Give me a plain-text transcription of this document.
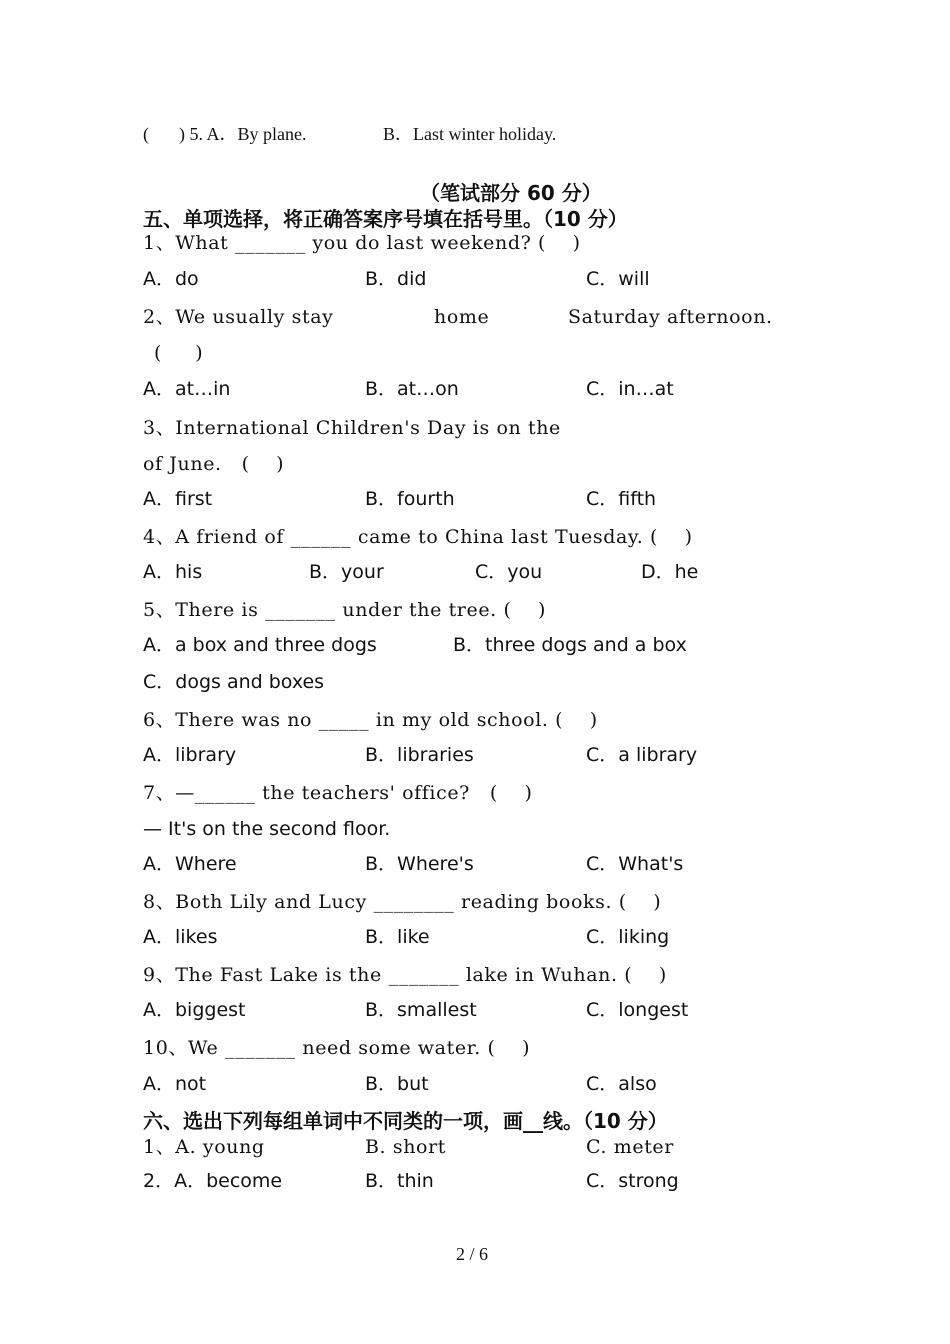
( ) 5. A．By plane.	B．Last winter holiday.
（笔试部分 60 分）
五、单项选择，将正确答案序号填在括号里。（10 分）
1、What _______ you do last weekend? (    )
A．do	B．did	C．will
2、We usually stay	home	Saturday afternoon.
(     )
A．at…in	B．at…on	C．in…at
3、International Children's Day is on the
of June.   (    )
A．first	B．fourth	C．fifth
4、A friend of ______ came to China last Tuesday. (    )
A．his	B．your	C．you	D．he
5、There is _______ under the tree. (    )
A．a box and three dogs	B．three dogs and a box
C．dogs and boxes
6、There was no _____ in my old school. (    )
A．library	B．libraries	C．a library
7、—______ the teachers' office?   (    )
— It's on the second floor.
A．Where	B．Where's	C．What's
8、Both Lily and Lucy ________ reading books. (    )
A．likes	B．like	C．liking
9、The Fast Lake is the _______ lake in Wuhan. (    )
A．biggest	B．smallest	C．longest
10、We _______ need some water. (    )
A．not	B．but	C．also
六、选出下列每组单词中不同类的一项，画__线。（10 分）
1、A. young	B. short	C. meter
2．A．become	B．thin	C．strong
2 / 6
